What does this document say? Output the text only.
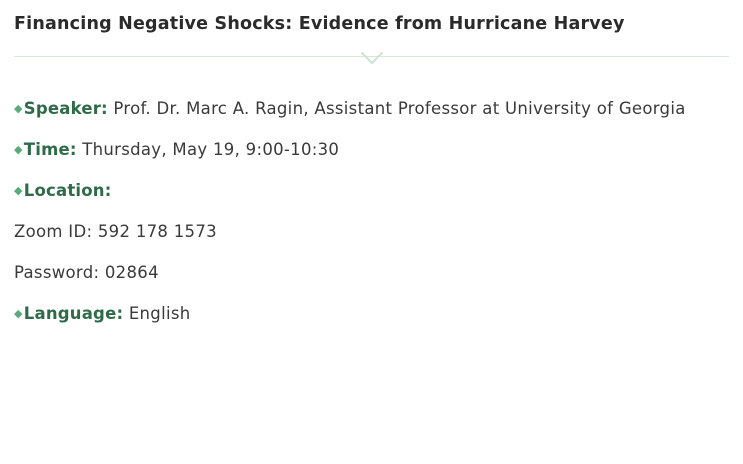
Financing Negative Shocks: Evidence from Hurricane Harvey
◆Speaker: Prof. Dr. Marc A. Ragin, Assistant Professor at University of Georgia
◆Time: Thursday, May 19, 9:00-10:30
◆Location:
Zoom ID: 592 178 1573
Password: 02864
◆Language: English
